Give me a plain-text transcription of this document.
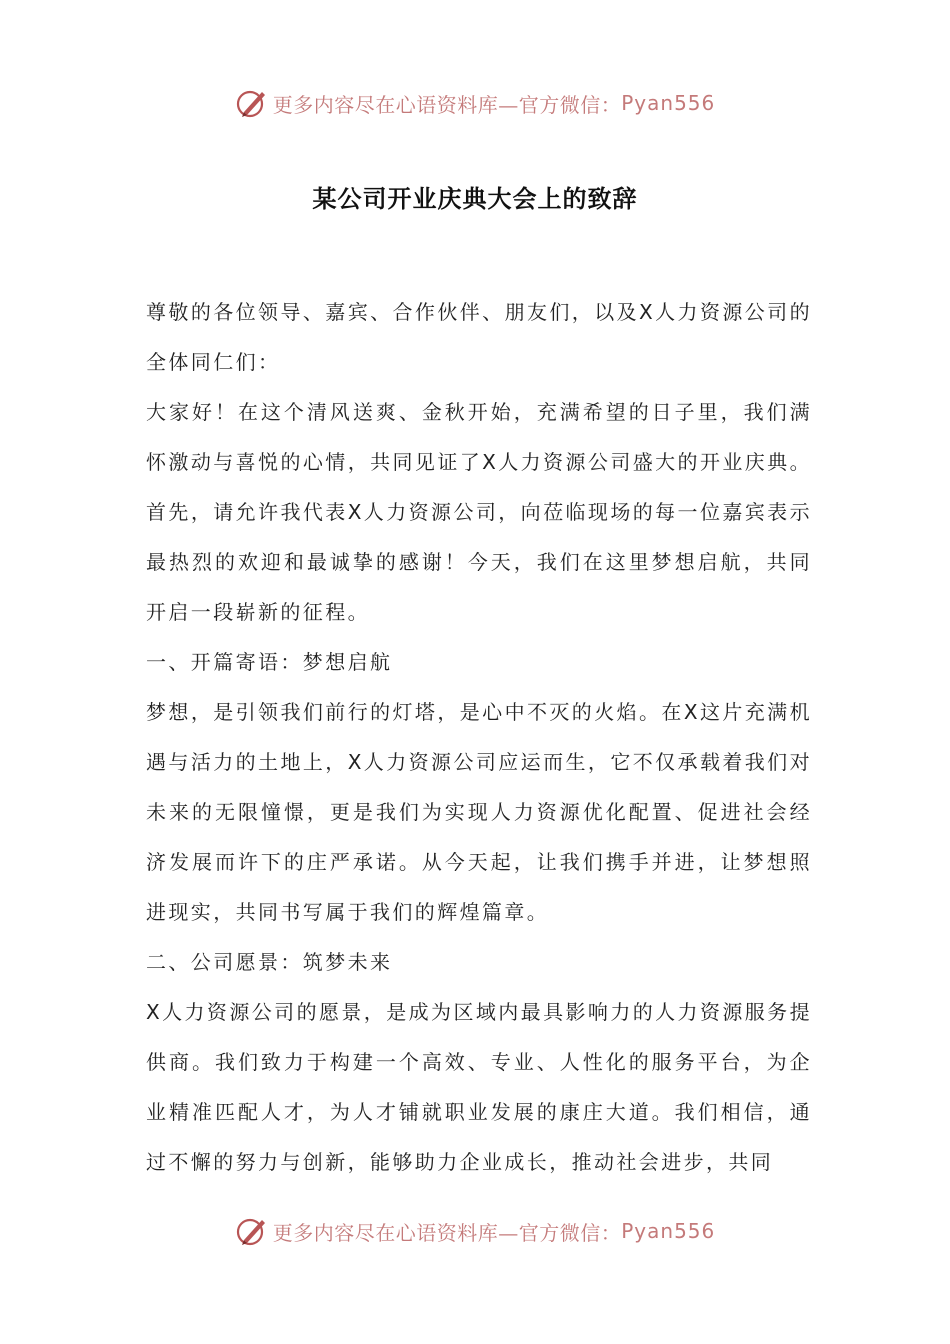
更多内容尽在心语资料库—官方微信： Pyan556
某公司开业庆典大会上的致辞

尊敬的各位领导、嘉宾、合作伙伴、朋友们，以及X人力资源公司的全体同仁们：

大家好！在这个清风送爽、金秋开始，充满希望的日子里，我们满怀激动与喜悦的心情，共同见证了X人力资源公司盛大的开业庆典。首先，请允许我代表X人力资源公司，向莅临现场的每一位嘉宾表示最热烈的欢迎和最诚挚的感谢！今天，我们在这里梦想启航，共同开启一段崭新的征程。

一、开篇寄语：梦想启航

梦想，是引领我们前行的灯塔，是心中不灭的火焰。在X这片充满机遇与活力的土地上，X人力资源公司应运而生，它不仅承载着我们对未来的无限憧憬，更是我们为实现人力资源优化配置、促进社会经济发展而许下的庄严承诺。从今天起，让我们携手并进，让梦想照进现实，共同书写属于我们的辉煌篇章。

二、公司愿景：筑梦未来

X人力资源公司的愿景，是成为区域内最具影响力的人力资源服务提供商。我们致力于构建一个高效、专业、人性化的服务平台，为企业精准匹配人才，为人才铺就职业发展的康庄大道。我们相信，通过不懈的努力与创新，能够助力企业成长，推动社会进步，共同

更多内容尽在心语资料库—官方微信： Pyan556
